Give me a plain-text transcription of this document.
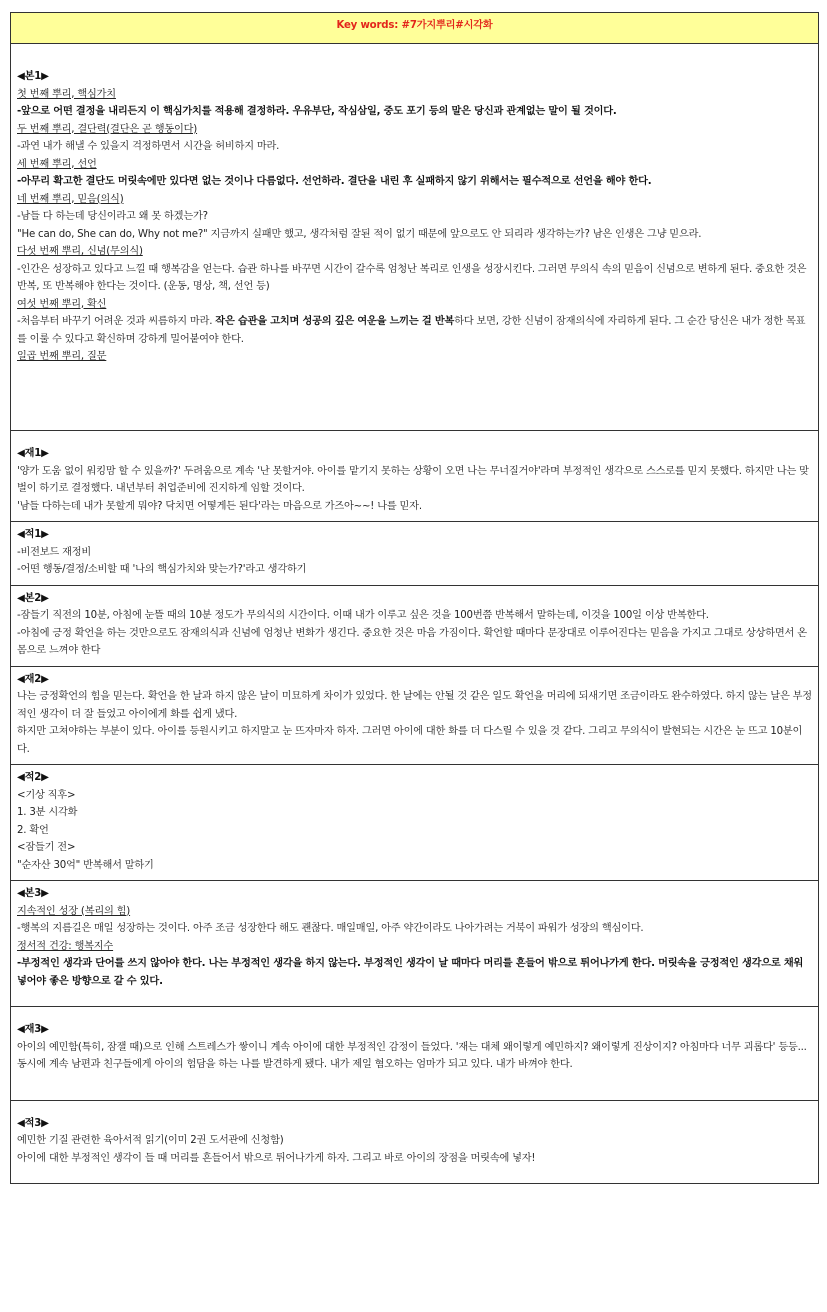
Key words: #7가지뿌리#시각화

◀본1▶

첫 번째 뿌리, 핵심가치

-앞으로 어떤 결정을 내리든지 이 핵심가치를 적용해 결정하라. 우유부단, 작심삼일, 중도 포기 등의 말은 당신과 관계없는 말이 될 것이다.

두 번째 뿌리, 결단력(결단은 곧 행동이다)

-과연 내가 해낼 수 있을지 걱정하면서 시간을 허비하지 마라.

세 번째 뿌리, 선언

-아무리 확고한 결단도 머릿속에만 있다면 없는 것이나 다름없다. 선언하라. 결단을 내린 후 실패하지 않기 위해서는 필수적으로 선언을 해야 한다.

네 번째 뿌리, 믿음(의식)

-남들 다 하는데 당신이라고 왜 못 하겠는가?

"He can do, She can do, Why not me?" 지금까지 실패만 했고, 생각처럼 잘된 적이 없기 때문에 앞으로도 안 되리라 생각하는가? 남은 인생은 그냥 믿으라.

다섯 번째 뿌리, 신념(무의식)

-인간은 성장하고 있다고 느낄 때 행복감을 얻는다. 습관 하나를 바꾸면 시간이 갈수록 엄청난 복리로 인생을 성장시킨다. 그러면 무의식 속의 믿음이 신념으로 변하게 된다. 중요한 것은 반복, 또 반복해야 한다는 것이다. (운동, 명상, 책, 선언 등)

여섯 번째 뿌리, 확신

-처음부터 바꾸기 어려운 것과 씨름하지 마라. 작은 습관을 고치며 성공의 깊은 여운을 느끼는 걸 반복하다 보면, 강한 신념이 잠재의식에 자리하게 된다. 그 순간 당신은 내가 정한 목표를 이룰 수 있다고 확신하며 강하게 밀어붙여야 한다.

일곱 번째 뿌리, 질문

◀재1▶

'양가 도움 없이 워킹맘 할 수 있을까?' 두려움으로 계속 '난 못할거야. 아이를 맡기지 못하는 상황이 오면 나는 무너질거야'라며 부정적인 생각으로 스스로를 믿지 못했다. 하지만 나는 맞벌이 하기로 결정했다. 내년부터 취업준비에 진지하게 임할 것이다.

'남들 다하는데 내가 못할게 뭐야? 닥치면 어떻게든 된다'라는 마음으로 가즈아~~! 나를 믿자.

◀적1▶

-비전보드 재정비

-어떤 행동/결정/소비할 때 '나의 핵심가치와 맞는가?'라고 생각하기

◀본2▶

-잠들기 직전의 10분, 아침에 눈뜰 때의 10분 정도가 무의식의 시간이다. 이때 내가 이루고 싶은 것을 100번쯤 반복해서 말하는데, 이것을 100일 이상 반복한다.

-아침에 긍정 확언을 하는 것만으로도 잠재의식과 신념에 엄청난 변화가 생긴다. 중요한 것은 마음 가짐이다. 확언할 때마다 문장대로 이루어진다는 믿음을 가지고 그대로 상상하면서 온몸으로 느껴야 한다

◀재2▶

나는 긍정확언의 힘을 믿는다. 확언을 한 날과 하지 않은 날이 미묘하게 차이가 있었다. 한 날에는 안될 것 같은 일도 확언을 머리에 되새기면 조금이라도 완수하였다. 하지 않는 날은 부정적인 생각이 더 잘 들었고 아이에게 화를 쉽게 냈다.

하지만 고쳐야하는 부분이 있다. 아이를 등원시키고 하지말고 눈 뜨자마자 하자. 그러면 아이에 대한 화를 더 다스릴 수 있을 것 같다. 그리고 무의식이 발현되는 시간은 눈 뜨고 10분이다.

◀적2▶

<기상 직후>

1. 3분 시각화

2. 확언

<잠들기 전>

"순자산 30억" 반복해서 말하기

◀본3▶

지속적인 성장 (복리의 힘)

-행복의 지름길은 매일 성장하는 것이다. 아주 조금 성장한다 해도 괜찮다. 매일매일, 아주 약간이라도 나아가려는 거북이 파워가 성장의 핵심이다.

정서적 건강: 행복지수

-부정적인 생각과 단어를 쓰지 않아야 한다. 나는 부정적인 생각을 하지 않는다. 부정적인 생각이 날 때마다 머리를 흔들어 밖으로 튀어나가게 한다. 머릿속을 긍정적인 생각으로 채워 넣어야 좋은 방향으로 갈 수 있다.

◀재3▶

아이의 예민함(특히, 잠잴 때)으로 인해 스트레스가 쌓이니 계속 아이에 대한 부정적인 감정이 들었다. '재는 대체 왜이렇게 예민하지? 왜이렇게 진상이지? 아침마다 너무 괴롭다' 등등...동시에 계속 남편과 친구들에게 아이의 험담을 하는 나를 발견하게 됐다. 내가 제일 혐오하는 엄마가 되고 있다. 내가 바껴야 한다.

◀적3▶

예민한 기질 관련한 육아서적 읽기(이미 2권 도서관에 신청함)

아이에 대한 부정적인 생각이 들 때 머리를 흔들어서 밖으로 튀어나가게 하자. 그리고 바로 아이의 장점을 머릿속에 넣자!
